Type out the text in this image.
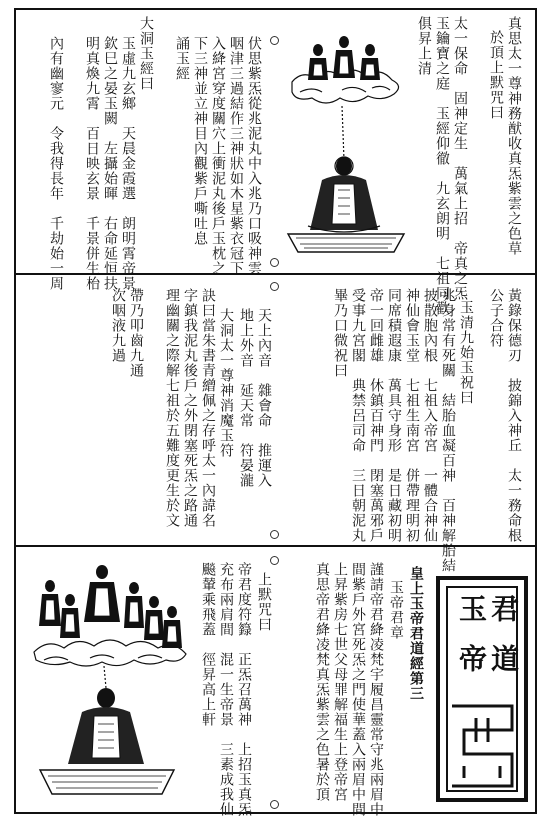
真思太一尊神務猷收真炁紫雲之色草
於頂上默咒曰
太一保命　固神定生　萬氣上招　帝真之炁
玉鑰寶之庭　玉經仰徹　九玄朗明　七祖同歡
俱昇上清
伏思紫炁從兆泥丸中入兆乃口吸神雲
咽津三過結作三神狀如木星紫衣冠下
入絳宮穿度關穴上衝泥丸後戶玉枕之
下三神並立神目內觀紫戶嘶吐息
誦玉經
大洞玉經曰
玉虛九玄鄉　天晨金霞選　朗明霄帝景
欽巳之晏玉闕　左攝始暉　右命延恒扶
明真煥九霄　百日映玄景　千景併生枱
內有幽寥元　令我得長年　千劫始一周
黃錄保德刃　披錦入神丘　太一務命根
公子合符
玉清九始玉祝曰
兆身常有死關　結胎血凝百神　百神解胎結
披散胞內根　七祖入帝宮　一體合神仙
神仙會玉堂　七祖生南宮　併帶理明初
同席積遐康　萬具守身形　是日藏初明
帝一回雌雄　休鎮百神門　閉塞萬邪戶
受事九宮閣　典禁呂司命　三日朝泥丸
畢乃口微祝曰
天上內音　雜會命　推運入
地上外音　延天常　符晏瀧
大洞太一尊神消魔玉符
訣曰當朱書青繒佩之存呼太一內諱名
字鎮我泥丸後戶之外閉塞死炁之路通
理幽關之際解七祖於五難度更生於文
帶乃叩齒九通
次咽液九過
玉
帝
君
道
皇上玉帝君道經第三
玉帝君章
謹請帝君絳凌梵宇履昌靈常守兆兩眉中
間紫戶外宮死炁之門使華蓋入兩眉中間
上昇紫房七世父母罪解福生上登帝宮
真思帝君絳凌梵真炁紫雲之色暑於頂
上默咒曰
帝君度符籙　正炁召萬神　上招玉真炁
充布兩肩間　混一生帝景　三素成我仙
飈輦乘飛蓋　徑昇高上軒
